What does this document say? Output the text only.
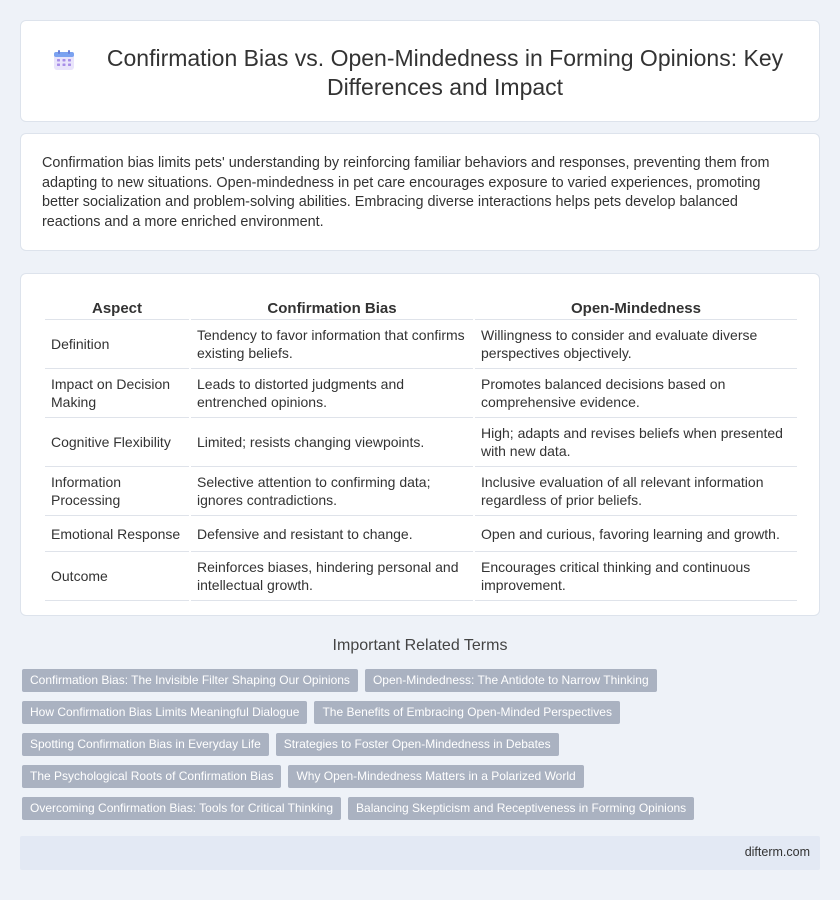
Confirmation Bias vs. Open-Mindedness in Forming Opinions: Key Differences and Impact

Confirmation bias limits pets' understanding by reinforcing familiar behaviors and responses, preventing them from adapting to new situations. Open-mindedness in pet care encourages exposure to varied experiences, promoting better socialization and problem-solving abilities. Embracing diverse interactions helps pets develop balanced reactions and a more enriched environment.

Aspect	Confirmation Bias	Open-Mindedness
Definition	Tendency to favor information that confirms existing beliefs.	Willingness to consider and evaluate diverse perspectives objectively.
Impact on Decision Making	Leads to distorted judgments and entrenched opinions.	Promotes balanced decisions based on comprehensive evidence.
Cognitive Flexibility	Limited; resists changing viewpoints.	High; adapts and revises beliefs when presented with new data.
Information Processing	Selective attention to confirming data; ignores contradictions.	Inclusive evaluation of all relevant information regardless of prior beliefs.
Emotional Response	Defensive and resistant to change.	Open and curious, favoring learning and growth.
Outcome	Reinforces biases, hindering personal and intellectual growth.	Encourages critical thinking and continuous improvement.
Important Related Terms
Confirmation Bias: The Invisible Filter Shaping Our Opinions	Open-Mindedness: The Antidote to Narrow Thinking
How Confirmation Bias Limits Meaningful Dialogue	The Benefits of Embracing Open-Minded Perspectives
Spotting Confirmation Bias in Everyday Life	Strategies to Foster Open-Mindedness in Debates
The Psychological Roots of Confirmation Bias	Why Open-Mindedness Matters in a Polarized World
Overcoming Confirmation Bias: Tools for Critical Thinking	Balancing Skepticism and Receptiveness in Forming Opinions
difterm.com
